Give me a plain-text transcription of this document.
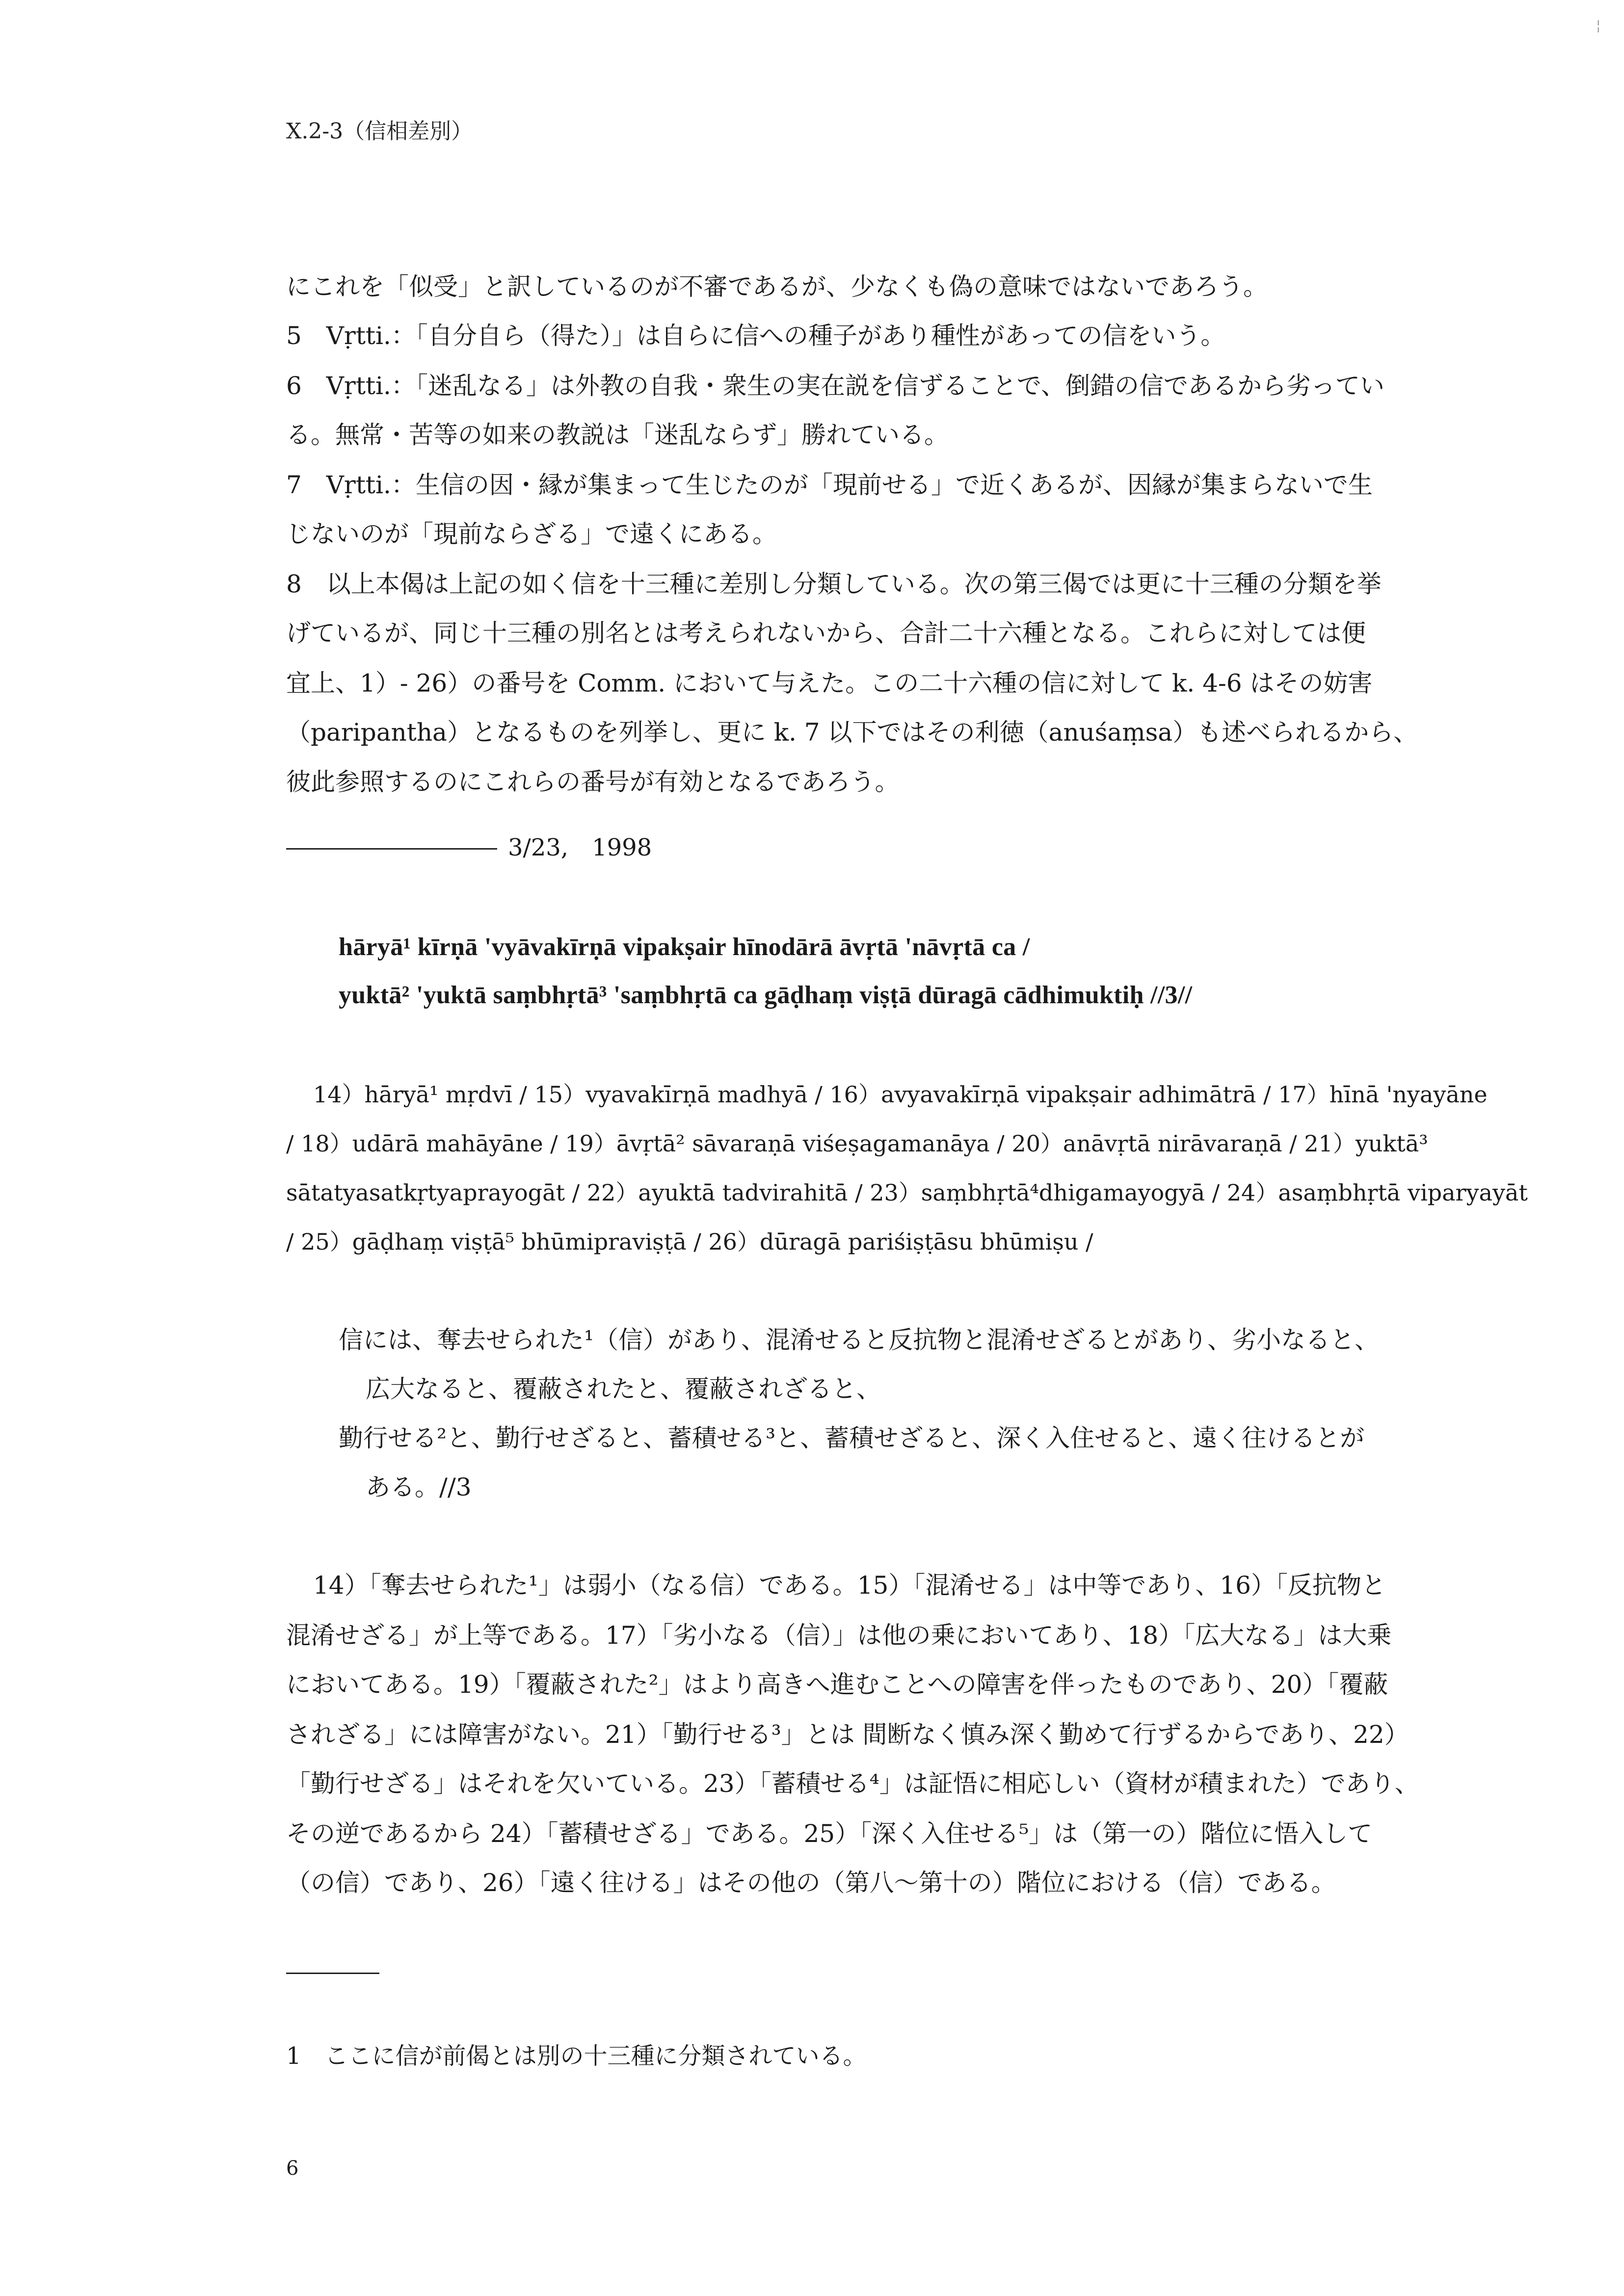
X.2-3（信相差別）
にこれを「似受」と訳しているのが不審であるが、少なくも偽の意味ではないであろう。
5　Vṛtti.：「自分自ら（得た）」は自らに信への種子があり種性があっての信をいう。
6　Vṛtti.：「迷乱なる」は外教の自我・衆生の実在説を信ずることで、倒錯の信であるから劣ってい
る。無常・苦等の如来の教説は「迷乱ならず」勝れている。
7　Vṛtti.：生信の因・縁が集まって生じたのが「現前せる」で近くあるが、因縁が集まらないで生
じないのが「現前ならざる」で遠くにある。
8　以上本偈は上記の如く信を十三種に差別し分類している。次の第三偈では更に十三種の分類を挙
げているが、同じ十三種の別名とは考えられないから、合計二十六種となる。これらに対しては便
宜上、1）- 26）の番号を Comm. において与えた。この二十六種の信に対して k. 4-6 はその妨害
（paripantha）となるものを列挙し、更に k. 7 以下ではその利徳（anuśaṃsa）も述べられるから、
彼此参照するのにこれらの番号が有効となるであろう。
3/23,　1998
hāryā¹ kīrṇā 'vyāvakīrṇā vipakṣair hīnodārā āvṛtā 'nāvṛtā ca /
yuktā² 'yuktā saṃbhṛtā³ 'saṃbhṛtā ca gāḍhaṃ viṣṭā dūragā cādhimuktiḥ //3//
14）hāryā¹ mṛdvī / 15）vyavakīrṇā madhyā / 16）avyavakīrṇā vipakṣair adhimātrā / 17）hīnā 'nyayāne
/ 18）udārā mahāyāne / 19）āvṛtā² sāvaraṇā viśeṣagamanāya / 20）anāvṛtā nirāvaraṇā / 21）yuktā³
sātatyasatkṛtyaprayogāt / 22）ayuktā tadvirahitā / 23）saṃbhṛtā⁴dhigamayogyā / 24）asaṃbhṛtā viparyayāt
/ 25）gāḍhaṃ viṣṭā⁵ bhūmipraviṣṭā / 26）dūragā pariśiṣṭāsu bhūmiṣu /
信には、奪去せられた¹（信）があり、混淆せると反抗物と混淆せざるとがあり、劣小なると、
広大なると、覆蔽されたと、覆蔽されざると、
勤行せる²と、勤行せざると、蓄積せる³と、蓄積せざると、深く入住せると、遠く往けるとが
ある。//3
14）「奪去せられた¹」は弱小（なる信）である。15）「混淆せる」は中等であり、16）「反抗物と
混淆せざる」が上等である。17）「劣小なる（信）」は他の乗においてあり、18）「広大なる」は大乗
においてある。19）「覆蔽された²」はより高きへ進むことへの障害を伴ったものであり、20）「覆蔽
されざる」には障害がない。21）「勤行せる³」とは 間断なく慎み深く勤めて行ずるからであり、22）
「勤行せざる」はそれを欠いている。23）「蓄積せる⁴」は証悟に相応しい（資材が積まれた）であり、
その逆であるから 24）「蓄積せざる」である。25）「深く入住せる⁵」は（第一の）階位に悟入して
（の信）であり、26）「遠く往ける」はその他の（第八～第十の）階位における（信）である。
1　ここに信が前偈とは別の十三種に分類されている。
6
¦
